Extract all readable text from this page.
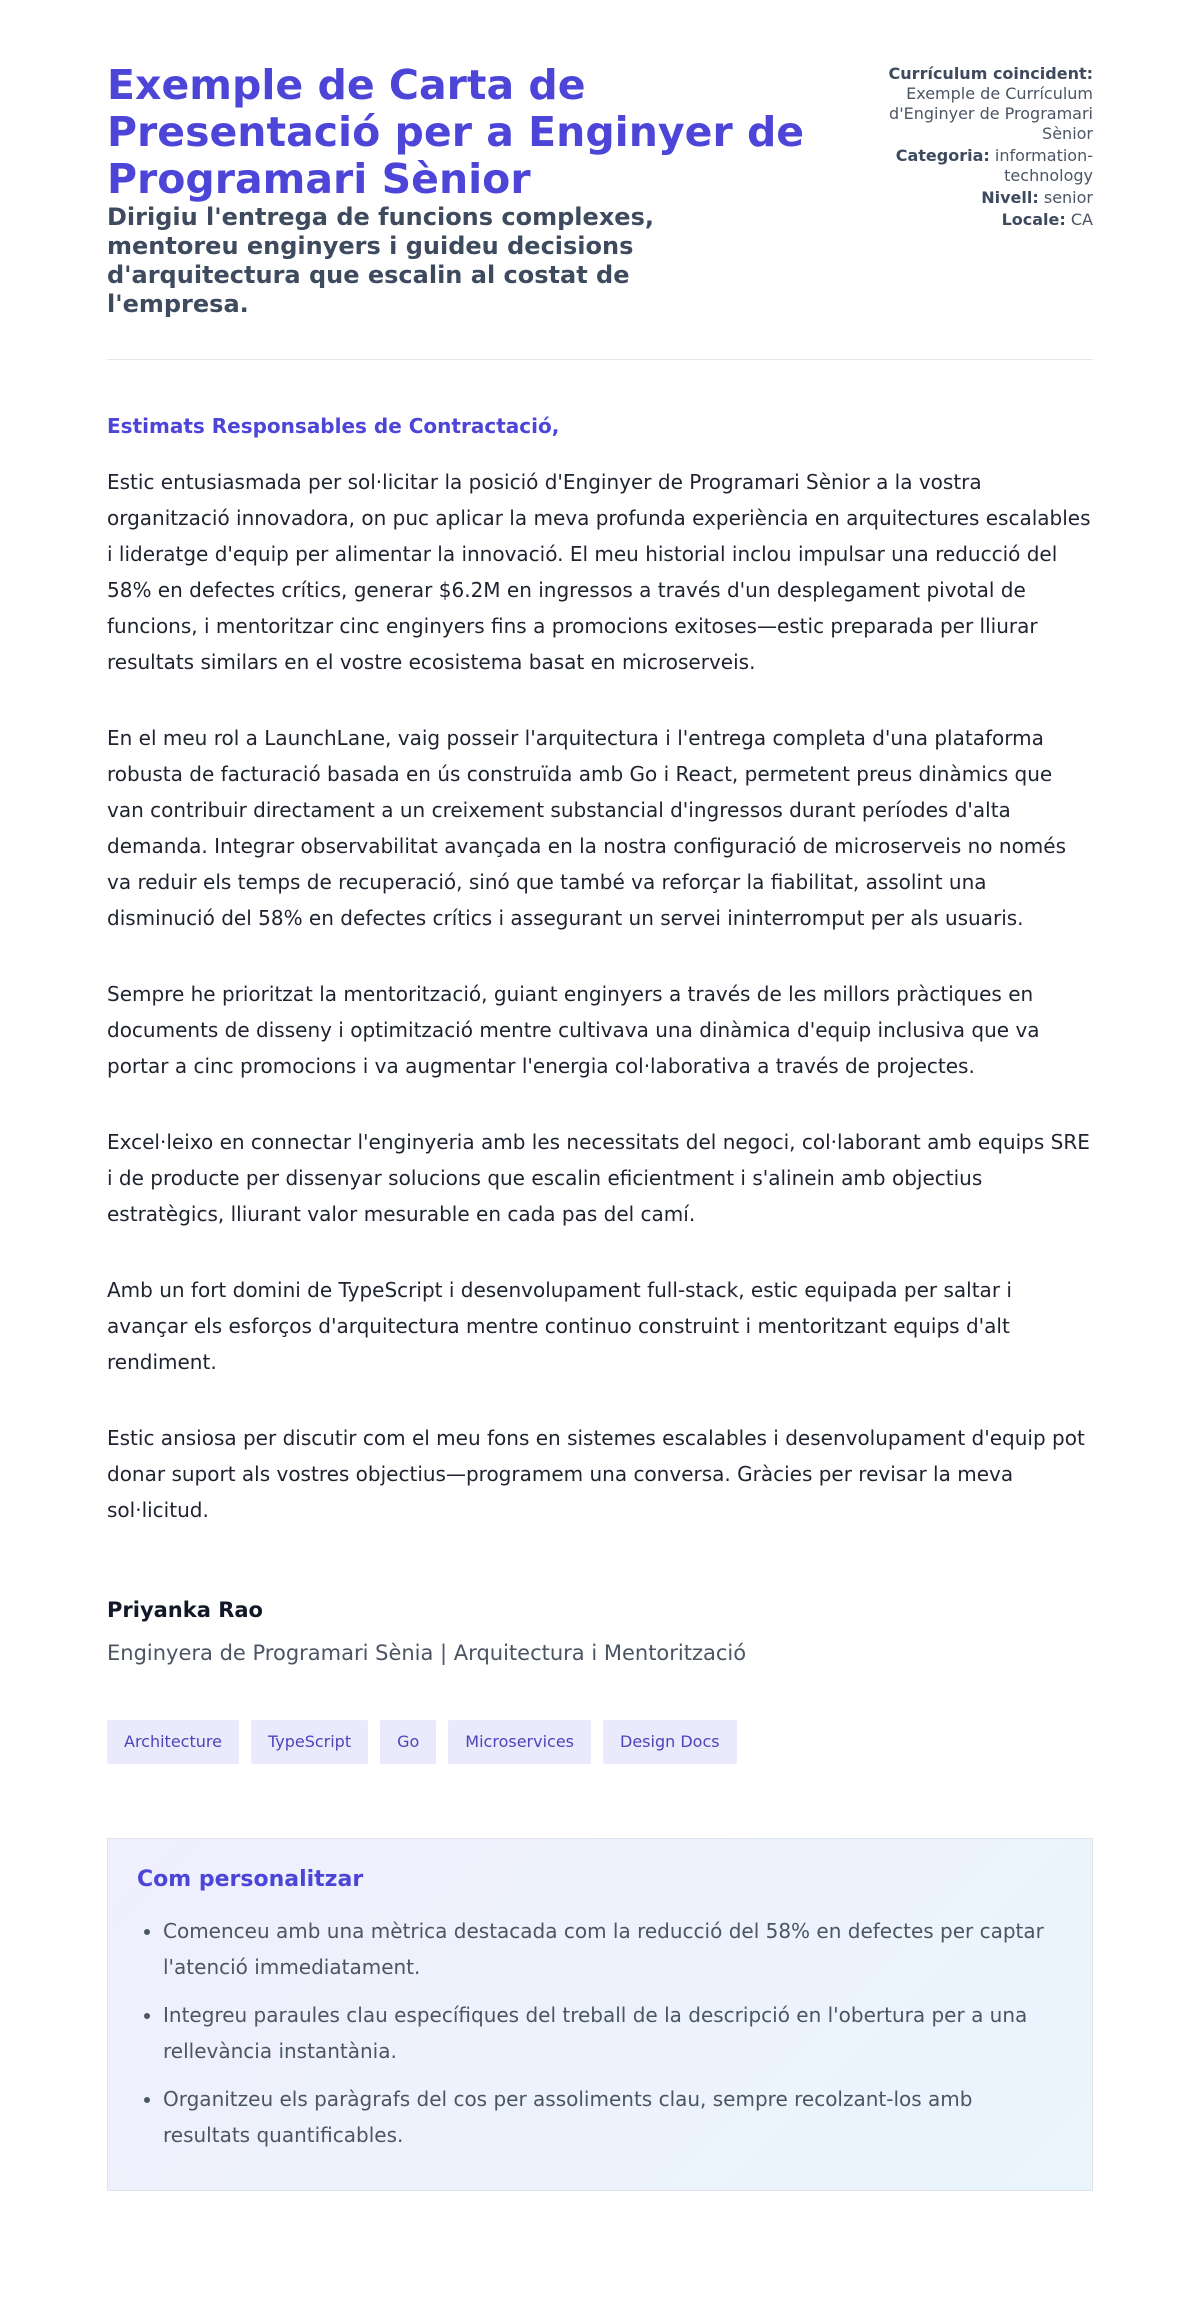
Exemple de Carta de Presentació per a Enginyer de Programari Sènior
Dirigiu l'entrega de funcions complexes, mentoreu enginyers i guideu decisions d'arquitectura que escalin al costat de l'empresa.
Currículum coincident: Exemple de Currículum d'Enginyer de Programari Sènior
Categoria: information-technology
Nivell: senior
Locale: CA

Estimats Responsables de Contractació,

Estic entusiasmada per sol·licitar la posició d'Enginyer de Programari Sènior a la vostra organització innovadora, on puc aplicar la meva profunda experiència en arquitectures escalables i lideratge d'equip per alimentar la innovació. El meu historial inclou impulsar una reducció del 58% en defectes crítics, generar $6.2M en ingressos a través d'un desplegament pivotal de funcions, i mentoritzar cinc enginyers fins a promocions exitoses—estic preparada per lliurar resultats similars en el vostre ecosistema basat en microserveis.

En el meu rol a LaunchLane, vaig posseir l'arquitectura i l'entrega completa d'una plataforma robusta de facturació basada en ús construïda amb Go i React, permetent preus dinàmics que van contribuir directament a un creixement substancial d'ingressos durant períodes d'alta demanda. Integrar observabilitat avançada en la nostra configuració de microserveis no només va reduir els temps de recuperació, sinó que també va reforçar la fiabilitat, assolint una disminució del 58% en defectes crítics i assegurant un servei ininterromput per als usuaris.

Sempre he prioritzat la mentorització, guiant enginyers a través de les millors pràctiques en documents de disseny i optimització mentre cultivava una dinàmica d'equip inclusiva que va portar a cinc promocions i va augmentar l'energia col·laborativa a través de projectes.

Excel·leixo en connectar l'enginyeria amb les necessitats del negoci, col·laborant amb equips SRE i de producte per dissenyar solucions que escalin eficientment i s'alinein amb objectius estratègics, lliurant valor mesurable en cada pas del camí.

Amb un fort domini de TypeScript i desenvolupament full-stack, estic equipada per saltar i avançar els esforços d'arquitectura mentre continuo construint i mentoritzant equips d'alt rendiment.

Estic ansiosa per discutir com el meu fons en sistemes escalables i desenvolupament d'equip pot donar suport als vostres objectius—programem una conversa. Gràcies per revisar la meva sol·licitud.

Priyanka Rao
Enginyera de Programari Sènia | Arquitectura i Mentorització
Architecture	TypeScript	Go	Microservices	Design Docs
Com personalitzar
• Comenceu amb una mètrica destacada com la reducció del 58% en defectes per captar l'atenció immediatament.
• Integreu paraules clau específiques del treball de la descripció en l'obertura per a una rellevància instantània.
• Organitzeu els paràgrafs del cos per assoliments clau, sempre recolzant-los amb resultats quantificables.
